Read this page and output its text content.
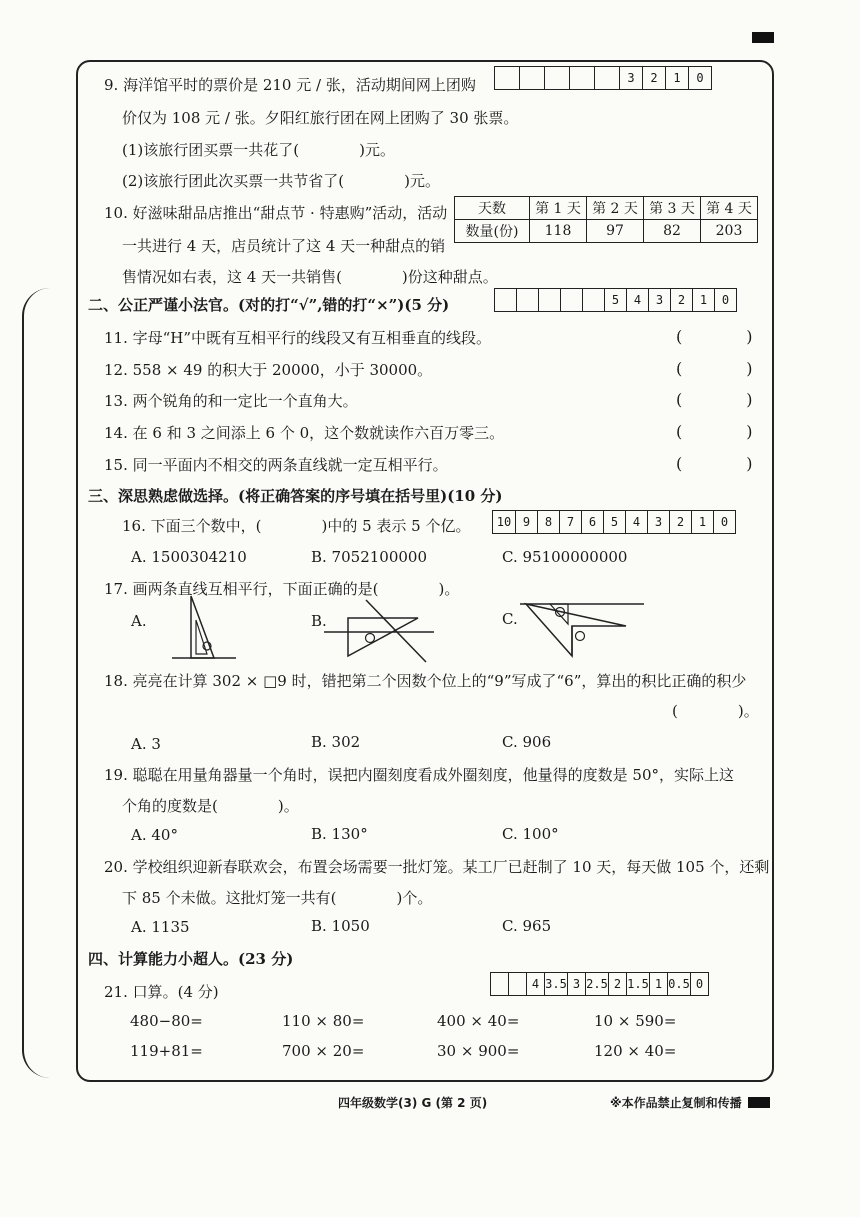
9. 海洋馆平时的票价是 210 元 / 张，活动期间网上团购	3	2	1	0
价仅为 108 元 / 张。夕阳红旅行团在网上团购了 30 张票。
(1)该旅行团买票一共花了(　　　　)元。
(2)该旅行团此次买票一共节省了(　　　　)元。
10. 好滋味甜品店推出“甜点节 · 特惠购”活动，活动 天数	第 1 天	第 2 天	第 3 天	第 4 天
数量(份)	118	97	82	203
一共进行 4 天，店员统计了这 4 天一种甜点的销
售情况如右表，这 4 天一共销售(　　　　)份这种甜点。
二、公正严谨小法官。(对的打“√”,错的打“×”)(5 分)	5	4	3	2	1	0
11. 字母“H”中既有互相平行的线段又有互相垂直的线段。	(　　　　)
12. 558 × 49 的积大于 20000，小于 30000。	(　　　　)
13. 两个锐角的和一定比一个直角大。	(　　　　)
14. 在 6 和 3 之间添上 6 个 0，这个数就读作六百万零三。	(　　　　)
15. 同一平面内不相交的两条直线就一定互相平行。	(　　　　)
三、深思熟虑做选择。(将正确答案的序号填在括号里)(10 分)
16. 下面三个数中，(　　　　)中的 5 表示 5 个亿。	10 9	8	7	6	5	4	3	2	1	0
A. 1500304210	B. 7052100000	C. 95100000000
17. 画两条直线互相平行，下面正确的是(　　　　)。
A.	B.	C.
18. 亮亮在计算 302 × □9 时，错把第二个因数个位上的“9”写成了“6”，算出的积比正确的积少
(　　　　)。
A. 3	B. 302	C. 906
19. 聪聪在用量角器量一个角时，误把内圈刻度看成外圈刻度，他量得的度数是 50°，实际上这
个角的度数是(　　　　)。
A. 40°	B. 130°	C. 100°
20. 学校组织迎新春联欢会，布置会场需要一批灯笼。某工厂已赶制了 10 天，每天做 105 个，还剩
下 85 个未做。这批灯笼一共有(　　　　)个。
A. 1135	B. 1050	C. 965
四、计算能力小超人。(23 分)
4 3.5 3 2.5 2 1.5 1 0.5 0
21. 口算。(4 分)
480−80=	110 × 80=	400 × 40=	10 × 590=
119+81=	700 × 20=	30 × 900=	120 × 40=
四年级数学(3) G (第 2 页)	※本作品禁止复制和传播
